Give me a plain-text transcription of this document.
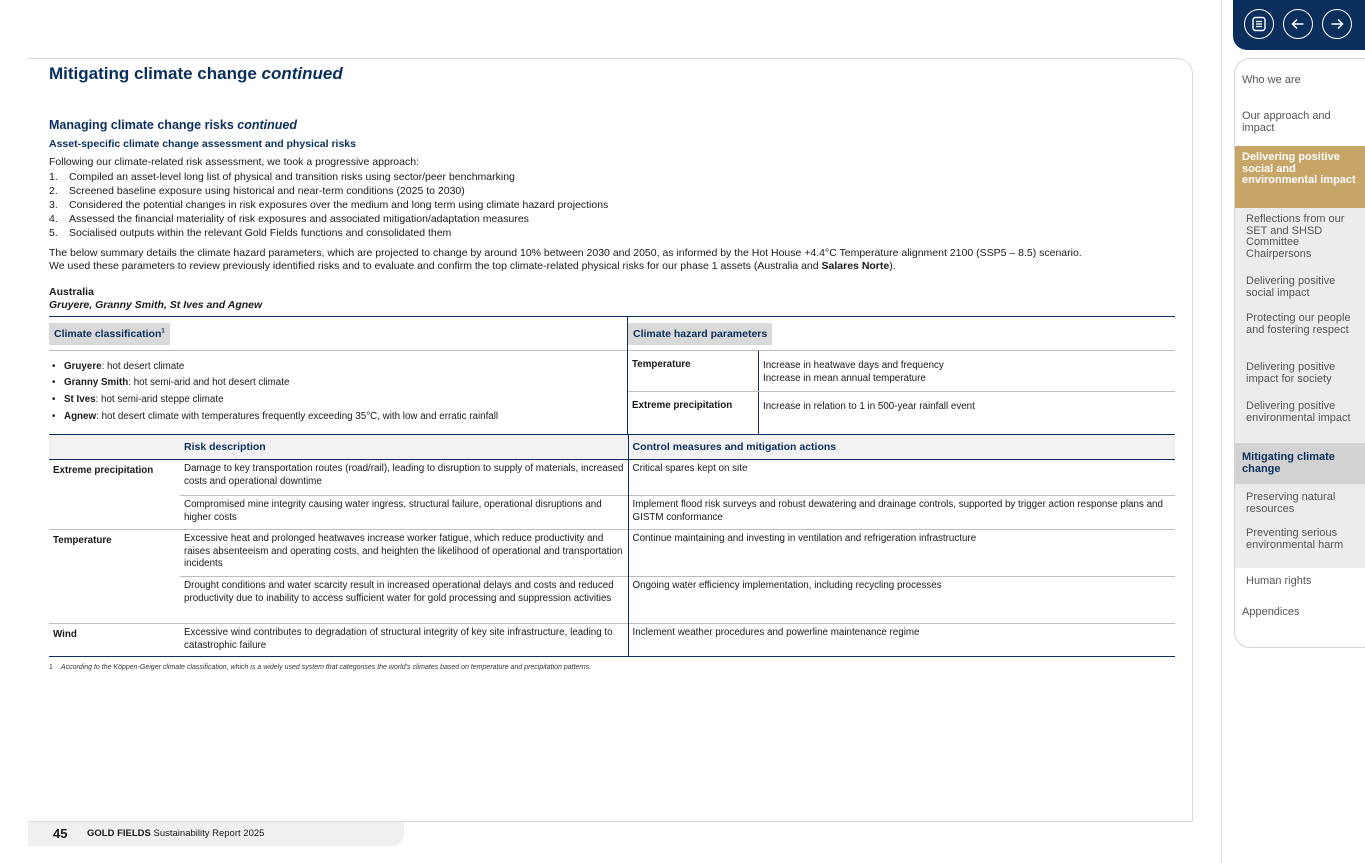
Mitigating climate change continued
Managing climate change risks continued
Asset-specific climate change assessment and physical risks
Following our climate-related risk assessment, we took a progressive approach:
1.	Compiled an asset-level long list of physical and transition risks using sector/peer benchmarking
2.	Screened baseline exposure using historical and near-term conditions (2025 to 2030)
3.	Considered the potential changes in risk exposures over the medium and long term using climate hazard projections
4.	Assessed the financial materiality of risk exposures and associated mitigation/adaptation measures
5.	Socialised outputs within the relevant Gold Fields functions and consolidated them
The below summary details the climate hazard parameters, which are projected to change by around 10% between 2030 and 2050, as informed by the Hot House +4.4°C Temperature alignment 2100 (SSP5 – 8.5) scenario.
We used these parameters to review previously identified risks and to evaluate and confirm the top climate-related physical risks for our phase 1 assets (Australia and Salares Norte).
Australia
Gruyere, Granny Smith, St Ives and Agnew
Climate classification$^1$
• Gruyere: hot desert climate
• Granny Smith: hot semi-arid and hot desert climate
• St Ives: hot semi-arid steppe climate
• Agnew: hot desert climate with temperatures frequently exceeding 35°C, with low and erratic rainfall
Climate hazard parameters
Temperature	Increase in heatwave days and frequency
Increase in mean annual temperature
Extreme precipitation	Increase in relation to 1 in 500-year rainfall event
	Risk description	Control measures and mitigation actions
Extreme precipitation	Damage to key transportation routes (road/rail), leading to disruption to supply of materials, increased costs and operational downtime	Critical spares kept on site
	Compromised mine integrity causing water ingress, structural failure, operational disruptions and higher costs	Implement flood risk surveys and robust dewatering and drainage controls, supported by trigger action response plans and GISTM conformance
Temperature	Excessive heat and prolonged heatwaves increase worker fatigue, which reduce productivity and raises absenteeism and operating costs, and heighten the likelihood of operational and transportation incidents	Continue maintaining and investing in ventilation and refrigeration infrastructure
	Drought conditions and water scarcity result in increased operational delays and costs and reduced productivity due to inability to access sufficient water for gold processing and suppression activities	Ongoing water efficiency implementation, including recycling processes
Wind	Excessive wind contributes to degradation of structural integrity of key site infrastructure, leading to catastrophic failure	Inclement weather procedures and powerline maintenance regime
1 According to the Köppen-Geiger climate classification, which is a widely used system that categorises the world’s climates based on temperature and precipitation patterns.
45 GOLD FIELDS Sustainability Report 2025
Who we are
Our approach and impact
Delivering positive social and environmental impact
Reflections from our SET and SHSD Committee Chairpersons
Delivering positive social impact
Protecting our people and fostering respect
Delivering positive impact for society
Delivering positive environmental impact
Mitigating climate change
Preserving natural resources
Preventing serious environmental harm
Human rights
Appendices
